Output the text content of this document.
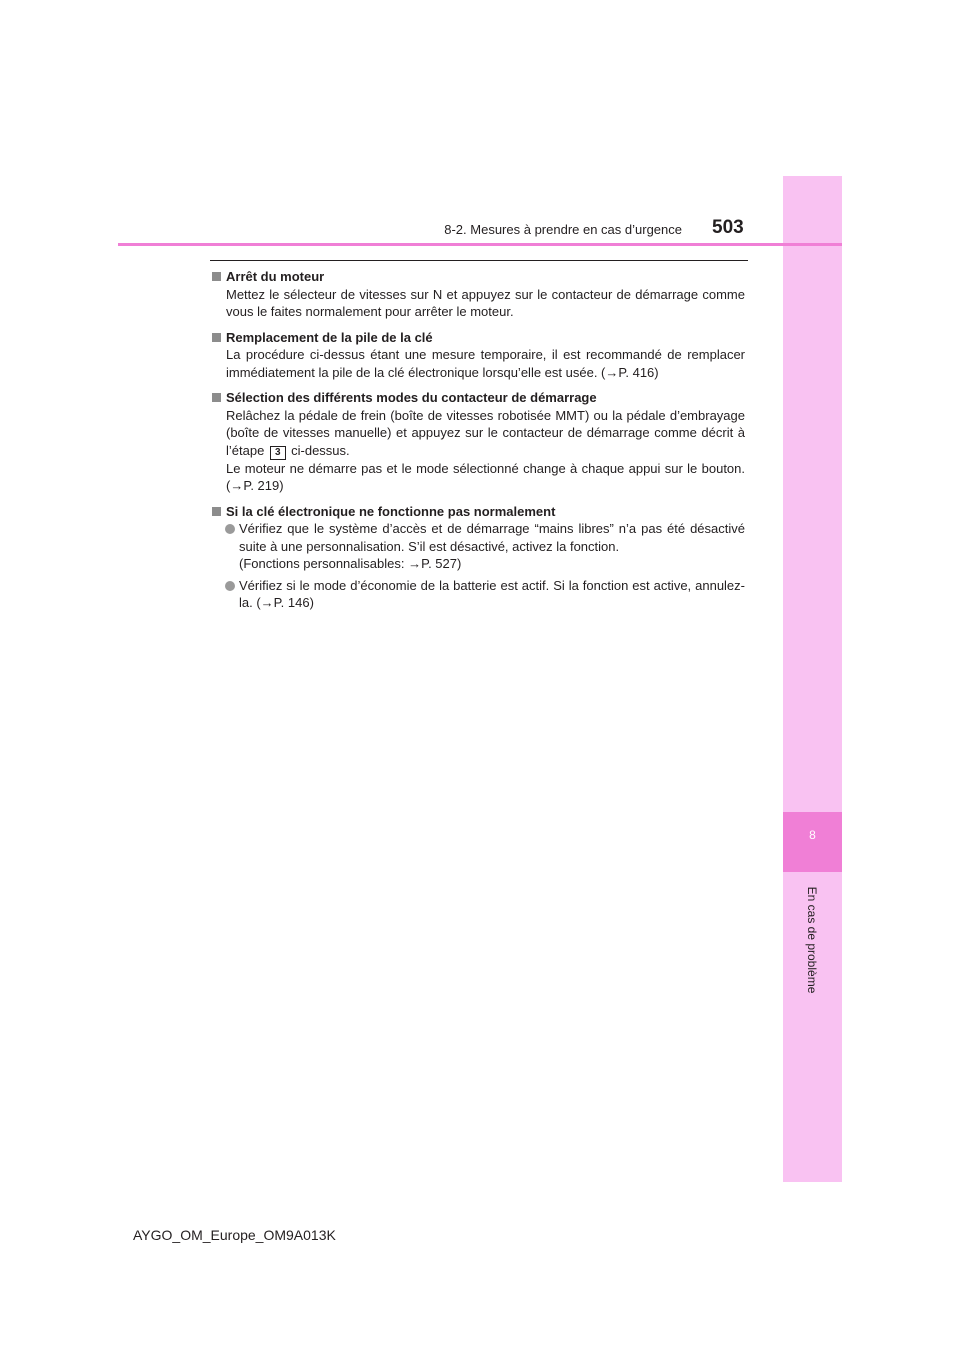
8
En cas de problème
8-2. Mesures à prendre en cas d’urgence 503
Arrêt du moteur
Mettez le sélecteur de vitesses sur N et appuyez sur le contacteur de démarrage comme vous le faites normalement pour arrêter le moteur.
Remplacement de la pile de la clé
La procédure ci-dessus étant une mesure temporaire, il est recommandé de remplacer immédiatement la pile de la clé électronique lorsqu’elle est usée. (→P. 416)
Sélection des différents modes du contacteur de démarrage
Relâchez la pédale de frein (boîte de vitesses robotisée MMT) ou la pédale d’embrayage (boîte de vitesses manuelle) et appuyez sur le contacteur de démarrage comme décrit à l’étape 3 ci-dessus.
Le moteur ne démarre pas et le mode sélectionné change à chaque appui sur le bouton. (→P. 219)
Si la clé électronique ne fonctionne pas normalement
Vérifiez que le système d’accès et de démarrage “mains libres” n’a pas été désactivé suite à une personnalisation. S’il est désactivé, activez la fonction.
(Fonctions personnalisables: →P. 527)
Vérifiez si le mode d’économie de la batterie est actif. Si la fonction est active, annulez-la. (→P. 146)
AYGO_OM_Europe_OM9A013K
